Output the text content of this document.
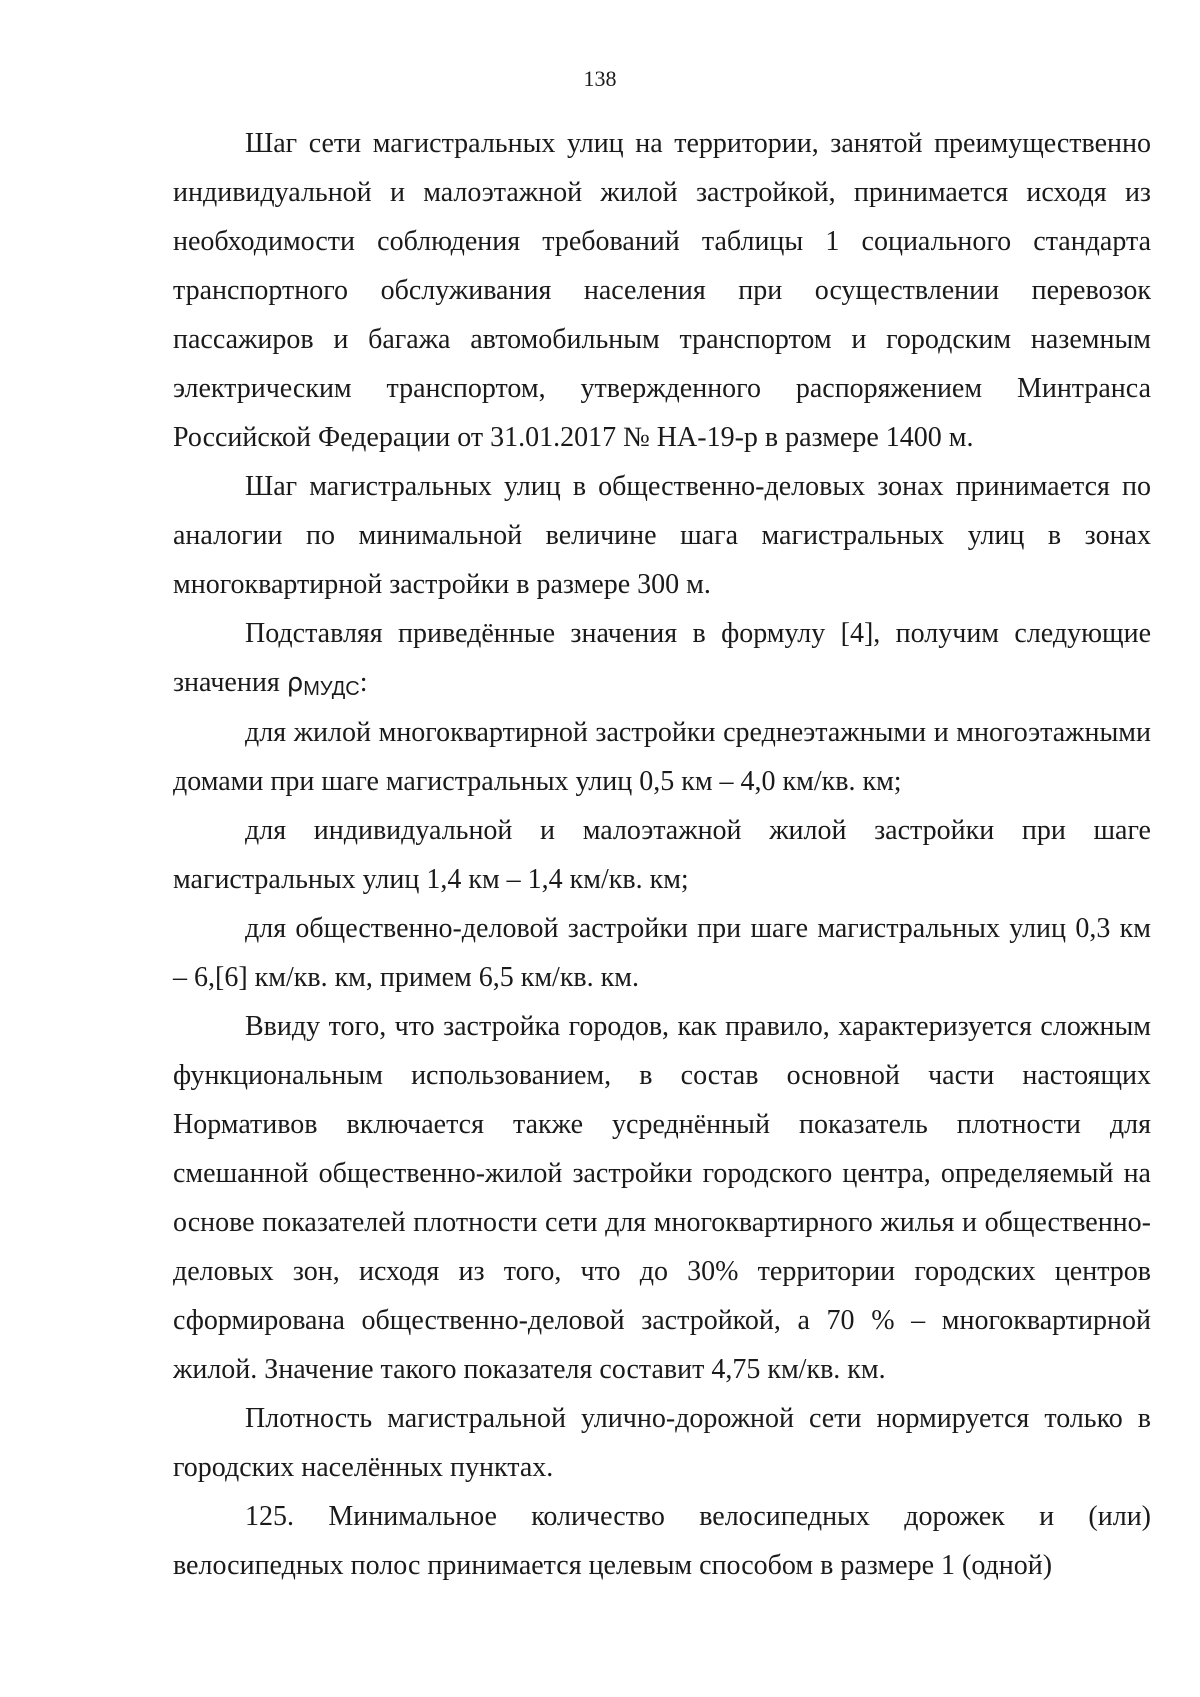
138

Шаг сети магистральных улиц на территории, занятой преимущественно индивидуальной и малоэтажной жилой застройкой, принимается исходя из необходимости соблюдения требований таблицы 1 социального стандарта транспортного обслуживания населения при осуществлении перевозок пассажиров и багажа автомобильным транспортом и городским наземным электрическим транспортом, утвержденного распоряжением Минтранса Российской Федерации от 31.01.2017 № НА-19-р в размере 1400 м.

Шаг магистральных улиц в общественно-деловых зонах принимается по аналогии по минимальной величине шага магистральных улиц в зонах многоквартирной застройки в размере 300 м.

Подставляя приведённые значения в формулу [4], получим следующие значения $\rho_{МУДС}$:

для жилой многоквартирной застройки среднеэтажными и многоэтажными домами при шаге магистральных улиц 0,5 км – 4,0 км/кв. км;

для индивидуальной и малоэтажной жилой застройки при шаге магистральных улиц 1,4 км – 1,4 км/кв. км;

для общественно-деловой застройки при шаге магистральных улиц 0,3 км – 6,[6] км/кв. км, примем 6,5 км/кв. км.

Ввиду того, что застройка городов, как правило, характеризуется сложным функциональным использованием, в состав основной части настоящих Нормативов включается также усреднённый показатель плотности для смешанной общественно-жилой застройки городского центра, определяемый на основе показателей плотности сети для многоквартирного жилья и общественно-деловых зон, исходя из того, что до 30% территории городских центров сформирована общественно-деловой застройкой, а 70 % – многоквартирной жилой. Значение такого показателя составит 4,75 км/кв. км.

Плотность магистральной улично-дорожной сети нормируется только в городских населённых пунктах.

125. Минимальное количество велосипедных дорожек и (или) велосипедных полос принимается целевым способом в размере 1 (одной)
